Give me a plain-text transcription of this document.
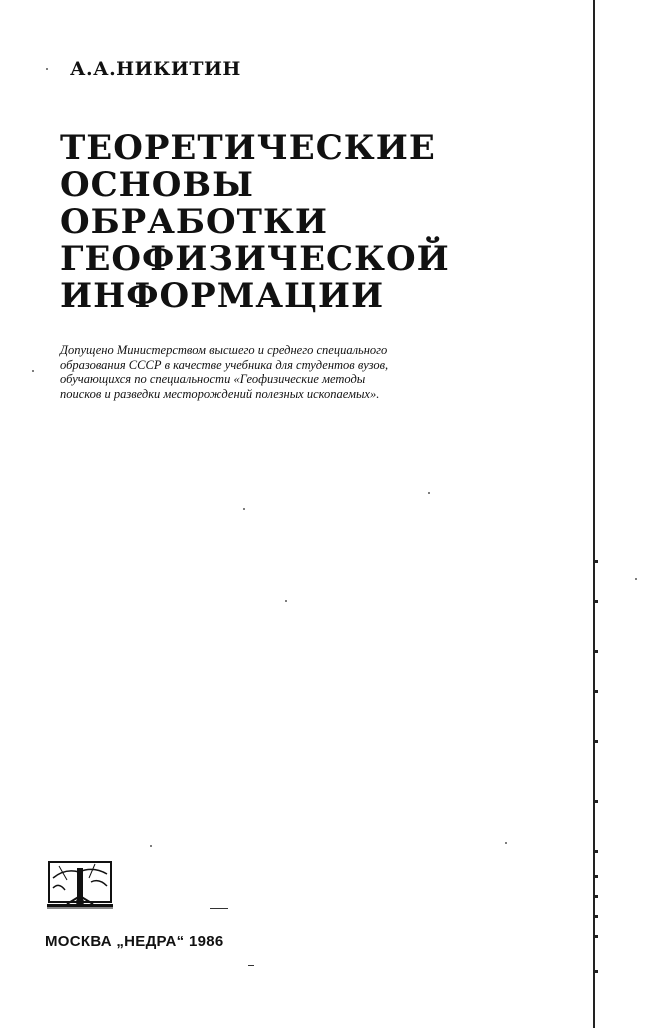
А.А.НИКИТИН
ТЕОРЕТИЧЕСКИЕ
ОСНОВЫ
ОБРАБОТКИ
ГЕОФИЗИЧЕСКОЙ
ИНФОРМАЦИИ
Допущено Министерством высшего и среднего специального
образования СССР в качестве учебника для студентов вузов,
обучающихся по специальности «Геофизические методы
поисков и разведки месторождений полезных ископаемых».
МОСКВА „НЕДРА“ 1986
